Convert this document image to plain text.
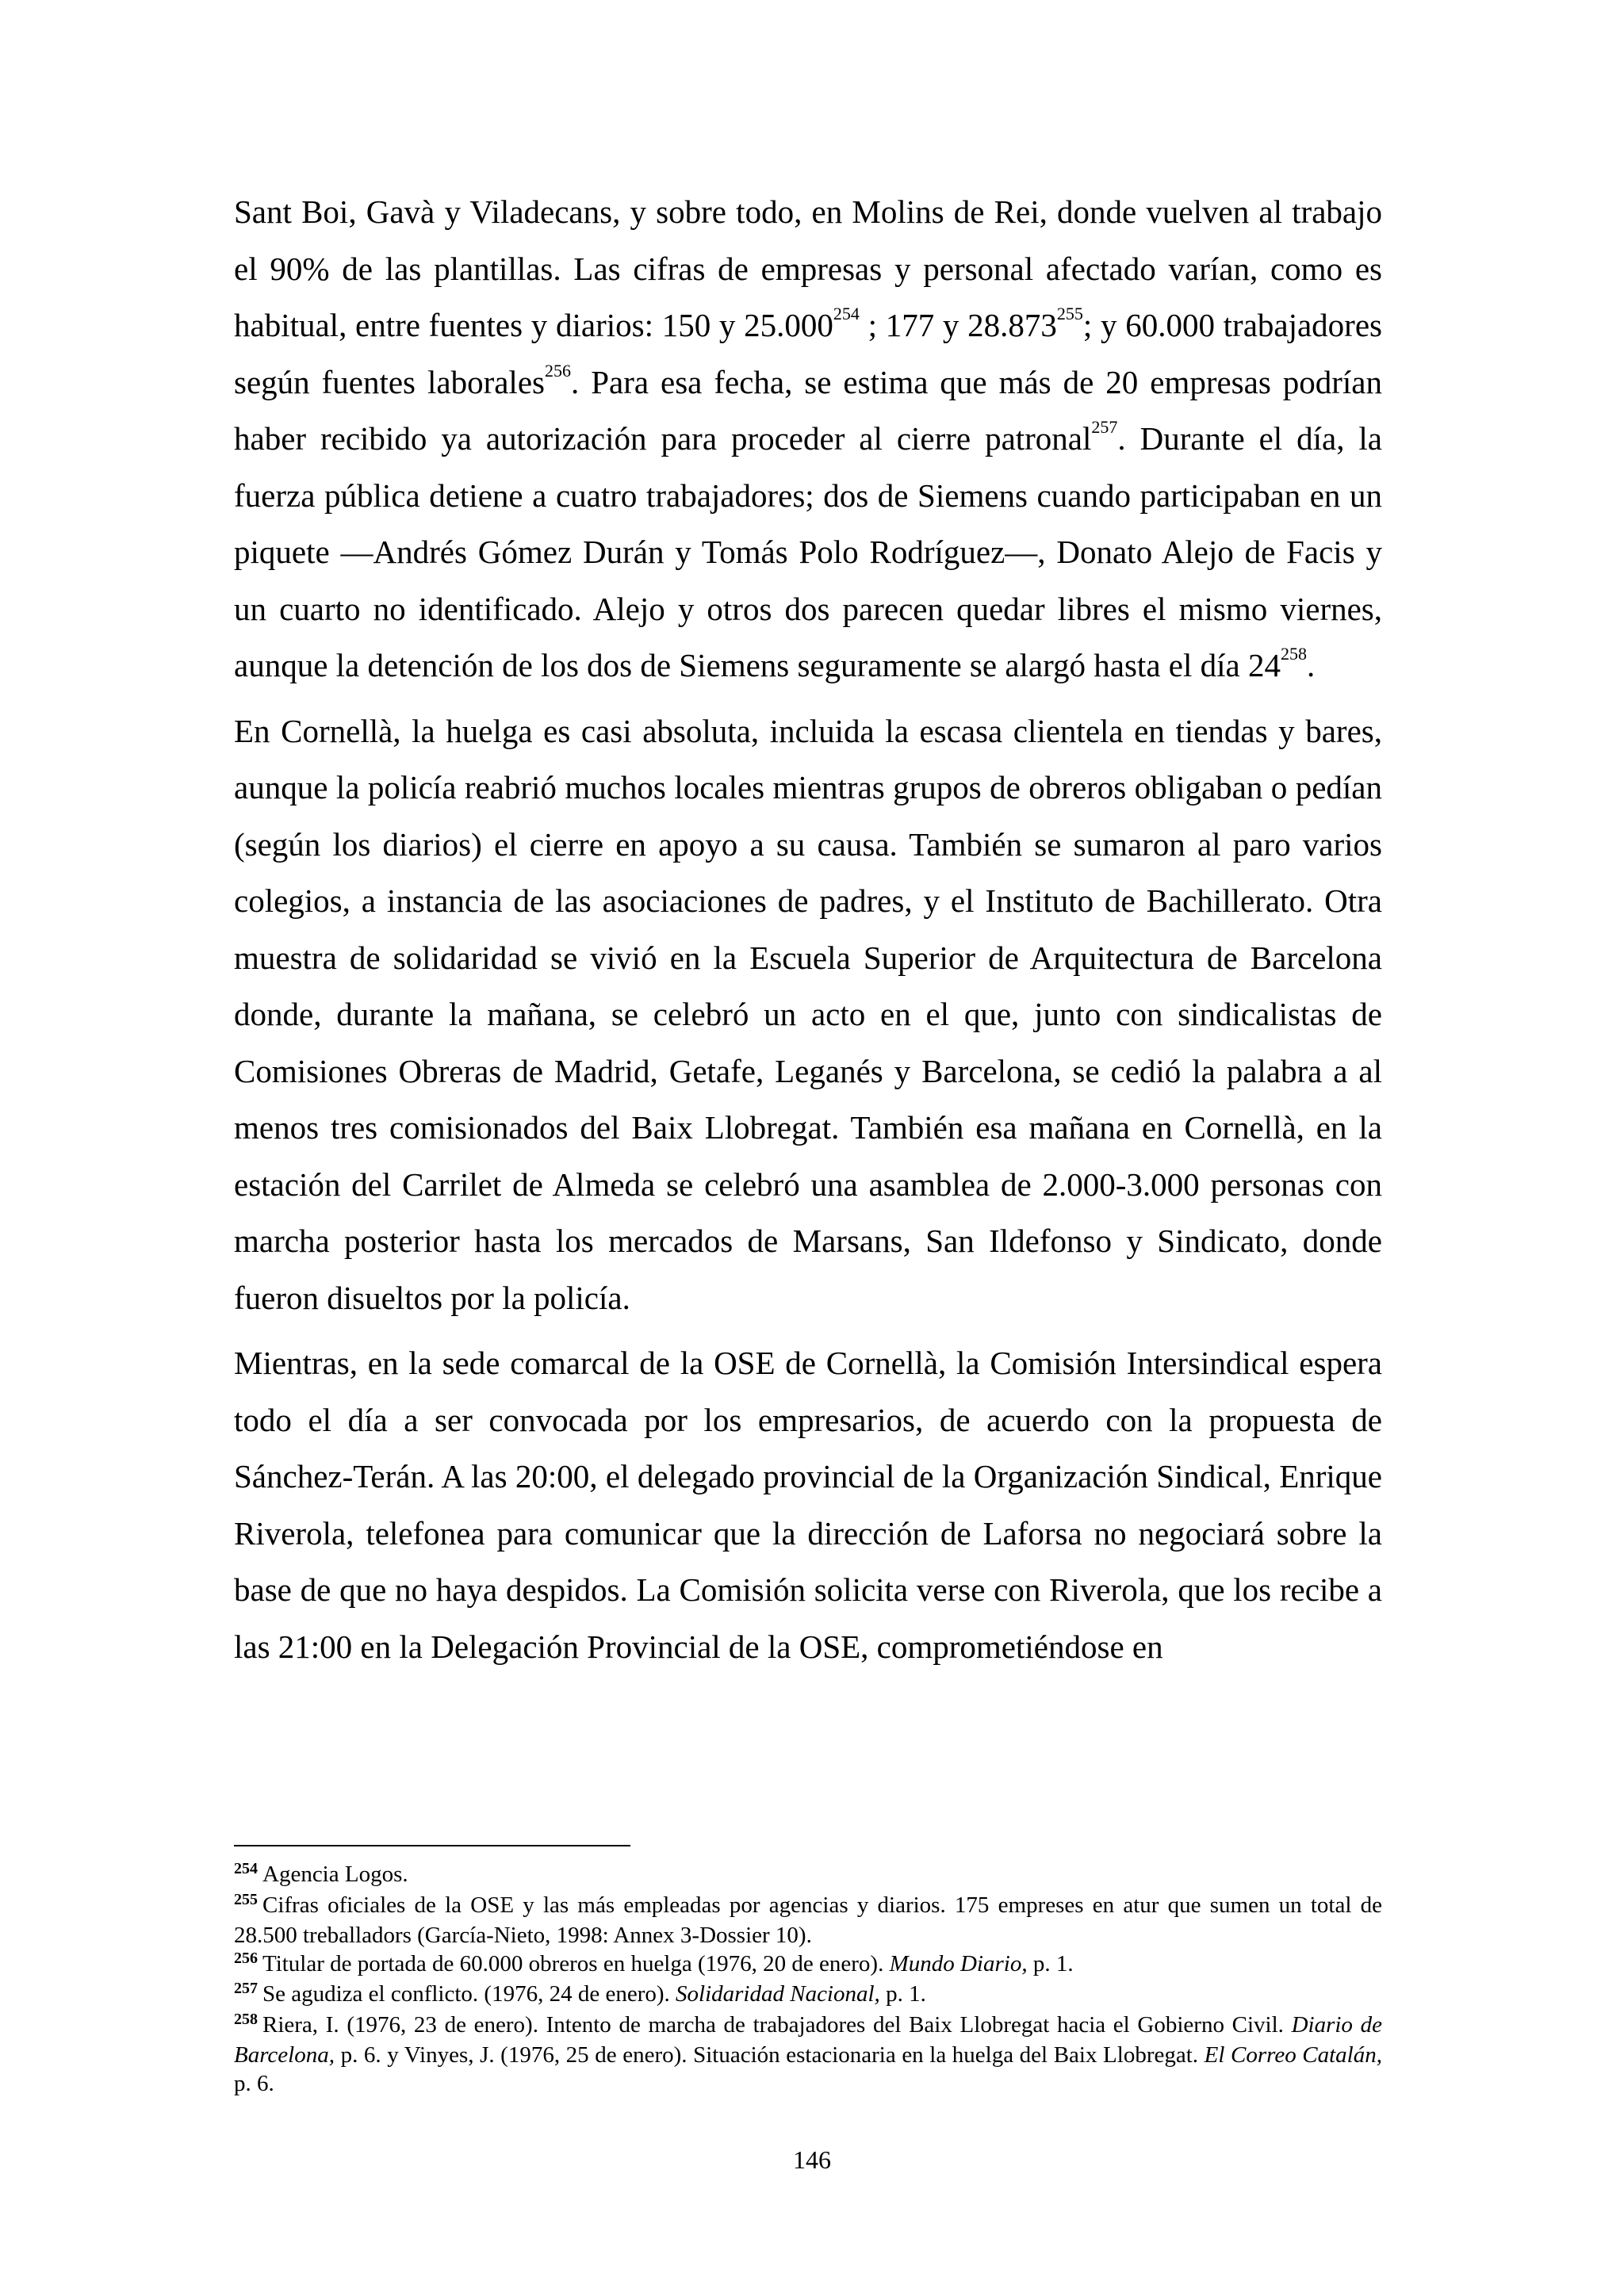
Sant Boi, Gavà y Viladecans, y sobre todo, en Molins de Rei, donde vuelven al trabajo el 90% de las plantillas. Las cifras de empresas y personal afectado varían, como es habitual, entre fuentes y diarios: 150 y 25.000$^{254}$ ; 177 y 28.873$^{255}$; y 60.000 trabajadores según fuentes laborales$^{256}$. Para esa fecha, se estima que más de 20 empresas podrían haber recibido ya autorización para proceder al cierre patronal$^{257}$. Durante el día, la fuerza pública detiene a cuatro trabajadores; dos de Siemens cuando participaban en un piquete —Andrés Gómez Durán y Tomás Polo Rodríguez—, Donato Alejo de Facis y un cuarto no identificado. Alejo y otros dos parecen quedar libres el mismo viernes, aunque la detención de los dos de Siemens seguramente se alargó hasta el día $24^{258}$.

En Cornellà, la huelga es casi absoluta, incluida la escasa clientela en tiendas y bares, aunque la policía reabrió muchos locales mientras grupos de obreros obligaban o pedían (según los diarios) el cierre en apoyo a su causa. También se sumaron al paro varios colegios, a instancia de las asociaciones de padres, y el Instituto de Bachillerato. Otra muestra de solidaridad se vivió en la Escuela Superior de Arquitectura de Barcelona donde, durante la mañana, se celebró un acto en el que, junto con sindicalistas de Comisiones Obreras de Madrid, Getafe, Leganés y Barcelona, se cedió la palabra a al menos tres comisionados del Baix Llobregat. También esa mañana en Cornellà, en la estación del Carrilet de Almeda se celebró una asamblea de 2.000-3.000 personas con marcha posterior hasta los mercados de Marsans, San Ildefonso y Sindicato, donde fueron disueltos por la policía.

Mientras, en la sede comarcal de la OSE de Cornellà, la Comisión Intersindical espera todo el día a ser convocada por los empresarios, de acuerdo con la propuesta de Sánchez-Terán. A las 20:00, el delegado provincial de la Organización Sindical, Enrique Riverola, telefonea para comunicar que la dirección de Laforsa no negociará sobre la base de que no haya despidos. La Comisión solicita verse con Riverola, que los recibe a las 21:00 en la Delegación Provincial de la OSE, comprometiéndose en

$^{254}$ Agencia Logos.

$^{255}$ Cifras oficiales de la OSE y las más empleadas por agencias y diarios. 175 empreses en atur que sumen un total de 28.500 treballadors (García-Nieto, 1998: Annex 3-Dossier 10).

$^{256}$ Titular de portada de 60.000 obreros en huelga (1976, 20 de enero). Mundo Diario, p. 1.

$^{257}$ Se agudiza el conflicto. (1976, 24 de enero). Solidaridad Nacional, p. 1.

$^{258}$ Riera, I. (1976, 23 de enero). Intento de marcha de trabajadores del Baix Llobregat hacia el Gobierno Civil. Diario de Barcelona, p. 6. y Vinyes, J. (1976, 25 de enero). Situación estacionaria en la huelga del Baix Llobregat. El Correo Catalán, p. 6.

146
